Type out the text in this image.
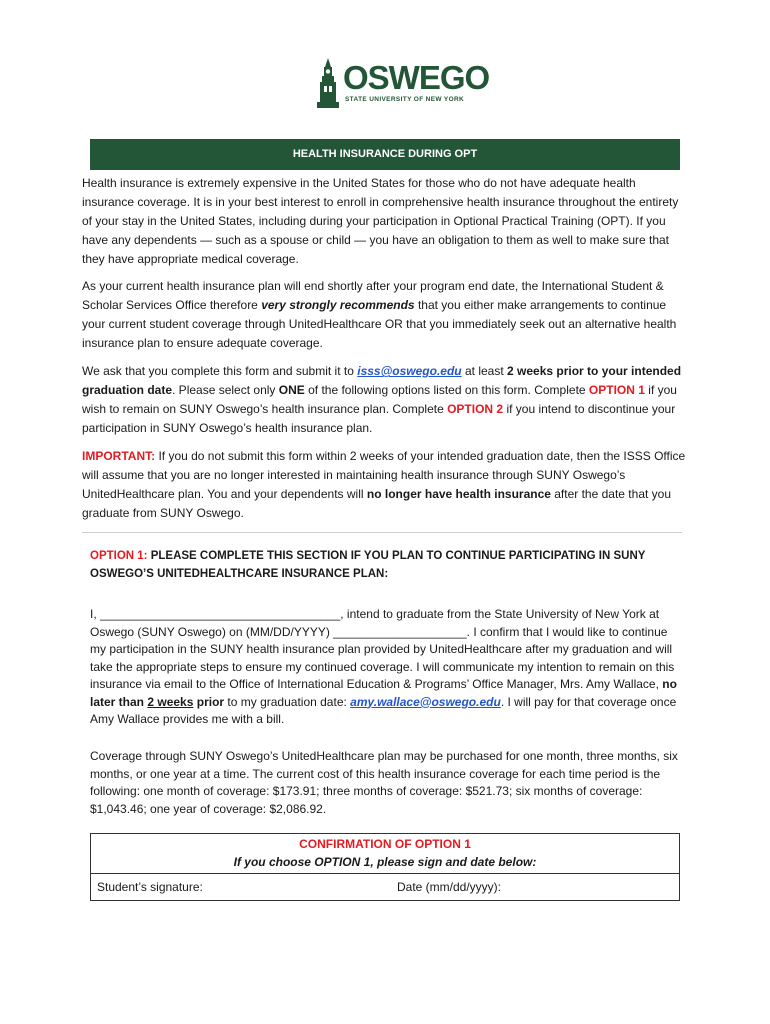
OSWEGO
STATE UNIVERSITY OF NEW YORK
HEALTH INSURANCE DURING OPT

Health insurance is extremely expensive in the United States for those who do not have adequate health insurance coverage. It is in your best interest to enroll in comprehensive health insurance throughout the entirety of your stay in the United States, including during your participation in Optional Practical Training (OPT). If you have any dependents — such as a spouse or child — you have an obligation to them as well to make sure that they have appropriate medical coverage.

As your current health insurance plan will end shortly after your program end date, the International Student & Scholar Services Office therefore very strongly recommends that you either make arrangements to continue your current student coverage through UnitedHealthcare OR that you immediately seek out an alternative health insurance plan to ensure adequate coverage.

We ask that you complete this form and submit it to isss@oswego.edu at least 2 weeks prior to your intended graduation date. Please select only ONE of the following options listed on this form. Complete OPTION 1 if you wish to remain on SUNY Oswego’s health insurance plan. Complete OPTION 2 if you intend to discontinue your participation in SUNY Oswego’s health insurance plan.

IMPORTANT: If you do not submit this form within 2 weeks of your intended graduation date, then the ISSS Office will assume that you are no longer interested in maintaining health insurance through SUNY Oswego’s UnitedHealthcare plan. You and your dependents will no longer have health insurance after the date that you graduate from SUNY Oswego.

OPTION 1: PLEASE COMPLETE THIS SECTION IF YOU PLAN TO CONTINUE PARTICIPATING IN SUNY OSWEGO’S UNITEDHEALTHCARE INSURANCE PLAN:

I, ____________________________________, intend to graduate from the State University of New York at Oswego (SUNY Oswego) on (MM/DD/YYYY) ____________________. I confirm that I would like to continue my participation in the SUNY health insurance plan provided by UnitedHealthcare after my graduation and will take the appropriate steps to ensure my continued coverage. I will communicate my intention to remain on this insurance via email to the Office of International Education & Programs’ Office Manager, Mrs. Amy Wallace, no later than 2 weeks prior to my graduation date: amy.wallace@oswego.edu. I will pay for that coverage once Amy Wallace provides me with a bill.

Coverage through SUNY Oswego’s UnitedHealthcare plan may be purchased for one month, three months, six months, or one year at a time. The current cost of this health insurance coverage for each time period is the following: one month of coverage: $173.91; three months of coverage: $521.73; six months of coverage: $1,043.46; one year of coverage: $2,086.92.

CONFIRMATION OF OPTION 1
If you choose OPTION 1, please sign and date below:
Student’s signature:	Date (mm/dd/yyyy):
